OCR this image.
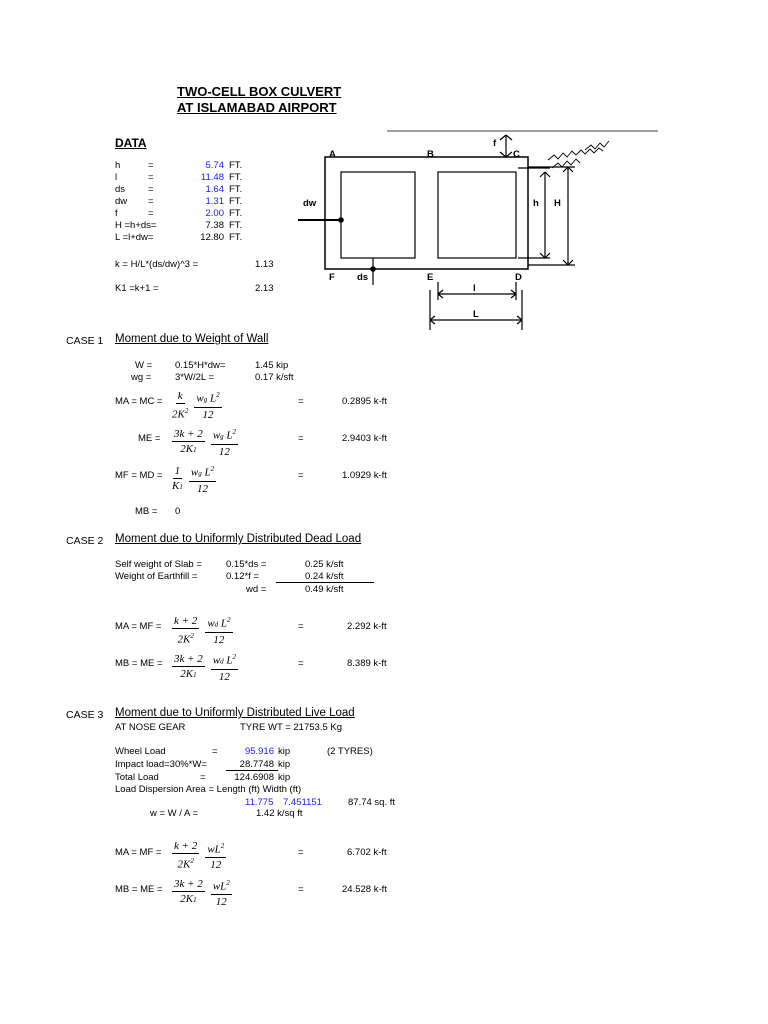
TWO-CELL BOX CULVERT
AT ISLAMABAD AIRPORT
DATA
h	=	5.74 FT.
l	=	11.48 FT.
ds =	1.64 FT.
dw =	1.31 FT.
f	=	2.00 FT.
H =h+ds=	7.38 FT.
L =l+dw=	12.80 FT.
k = H/L*(ds/dw)^3 =	1.13
K1 =k+1 =	2.13
f
A	B	C
dw	h H
F ds	E	D
l
L
CASE 1 Moment due to Weight of Wall
W = 0.15*H*dw=	1.45 kip
wg = 3*W/2L =	0.17 k/sft
MA = MC = k
$2K^2$
wg $L^2$
12
=	0.2895 k-ft
ME = 3k + 2
2K1
wg $L^2$
12
=	2.9403 k-ft
MF = MD = 1
K1
wg $L^2$
12
=	1.0929 k-ft
MB = 0
CASE 2 Moment due to Uniformly Distributed Dead Load
Self weight of Slab =	0.15*ds =	0.25 k/sft
Weight of Earthfill =	0.12*f =	0.24 k/sft
wd =	0.49 k/sft
MA = MF = k + 2
$2K^2$
wd $L^2$
12
=	2.292 k-ft
MB = ME = 3k + 2
2K1
wd $L^2$
12
=	8.389 k-ft
CASE 3 Moment due to Uniformly Distributed Live Load
AT NOSE GEAR	TYRE WT = 21753.5 Kg
Wheel Load	=	95.916 kip	(2 TYRES)
Impact load=30%*W=	28.7748 kip
Total Load	=	124.6908 kip
Load Dispersion Area = Length (ft) Width (ft)
11.775 7.451151	87.74 sq. ft
w = W / A =	1.42 k/sq ft
MA = MF =
k + 2
$2K^2$
$wL^2$
12
=	6.702 k-ft
MB = ME = 3k + 2
2K1
$wL^2$
12
=	24.528 k-ft
